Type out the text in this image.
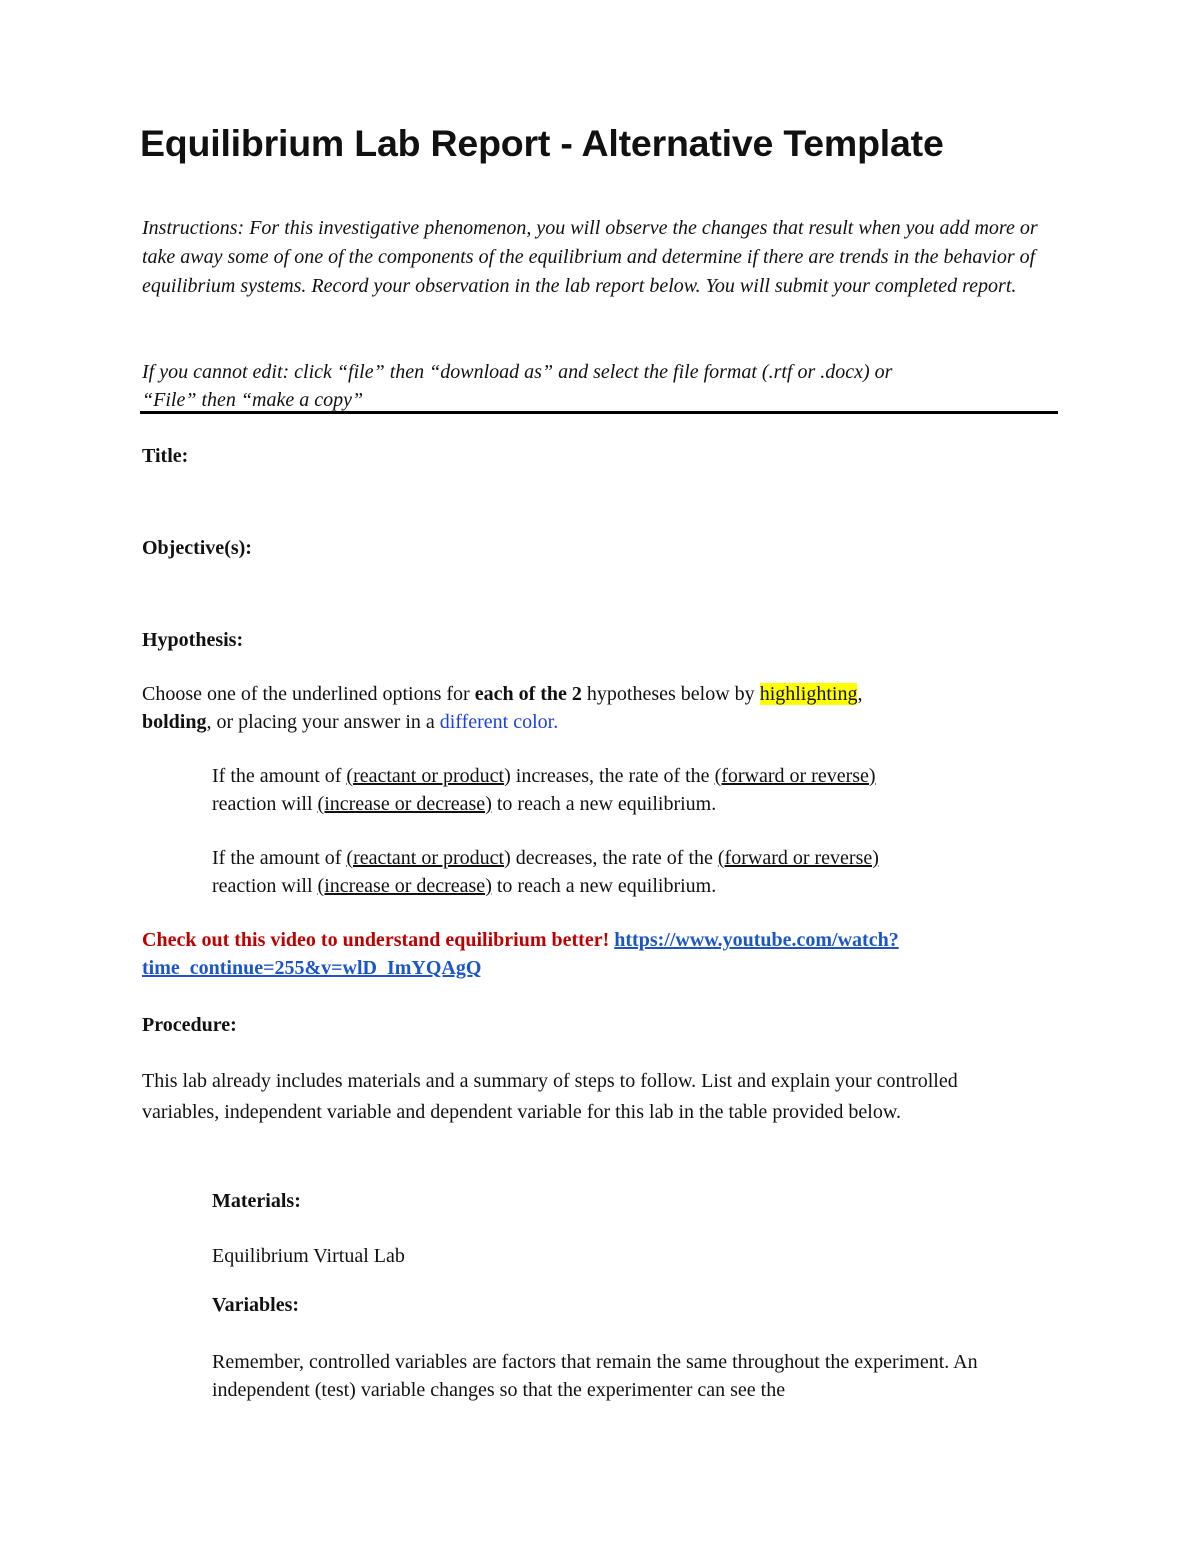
Equilibrium Lab Report - Alternative Template

Instructions: For this investigative phenomenon, you will observe the changes that result when you add more or take away some of one of the components of the equilibrium and determine if there are trends in the behavior of equilibrium systems. Record your observation in the lab report below. You will submit your completed report.

If you cannot edit: click “file” then “download as” and select the file format (.rtf or .docx) or
“File” then “make a copy”

Title:

Objective(s):

Hypothesis:

Choose one of the underlined options for each of the 2 hypotheses below by highlighting,
bolding, or placing your answer in a different color.

If the amount of (reactant or product) increases, the rate of the (forward or reverse)
reaction will (increase or decrease) to reach a new equilibrium.

If the amount of (reactant or product) decreases, the rate of the (forward or reverse)
reaction will (increase or decrease) to reach a new equilibrium.

Check out this video to understand equilibrium better! https://www.youtube.com/watch?
time_continue=255&v=wlD_ImYQAgQ

Procedure:

This lab already includes materials and a summary of steps to follow. List and explain your controlled variables, independent variable and dependent variable for this lab in the table provided below.

Materials:

Equilibrium Virtual Lab

Variables:

Remember, controlled variables are factors that remain the same throughout the experiment. An independent (test) variable changes so that the experimenter can see the
